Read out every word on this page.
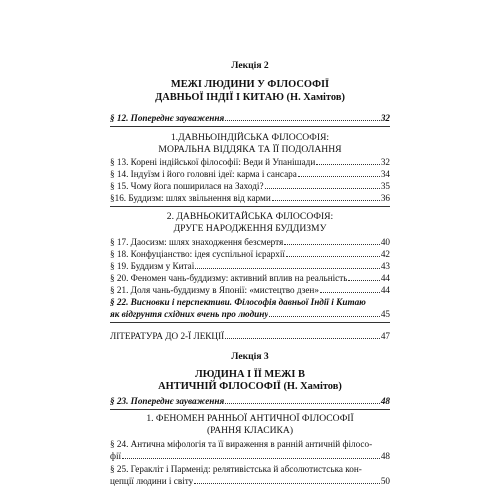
Лекція 2
МЕЖІ ЛЮДИНИ У ФІЛОСОФІЇ
ДАВНЬОЇ ІНДІЇ І КИТАЮ (Н. Хамітов)
§ 12. Попереднє зауваження	32
1.ДАВНЬОІНДІЙСЬКА ФІЛОСОФІЯ:
МОРАЛЬНА ВІДДЯКА ТА ЇЇ ПОДОЛАННЯ
§ 13. Корені індійської філософії: Веди й Упанішади	32
§ 14. Індуїзм і його головні ідеї: карма і сансара	34
§ 15. Чому йога поширилася на Заході?	35
§16. Буддизм: шлях звільнення від карми	36
2. ДАВНЬОКИТАЙСЬКА ФІЛОСОФІЯ:
ДРУГЕ НАРОДЖЕННЯ БУДДИЗМУ
§ 17. Даосизм: шлях знаходження безсмертя	40
§ 18. Конфуціанство: ідея суспільної ієрархії	42
§ 19. Буддизм у Китаї	43
§ 20. Феномен чань-буддизму: активний вплив на реальність	44
§ 21. Доля чань-буддизму в Японії: «мистецтво дзен»	44
§ 22. Висновки і перспективи. Філософія давньої Індії і Китаю
як відгрунтя східних вчень про людину	45
ЛІТЕРАТУРА ДО 2-Ї ЛЕКЦІЇ	47
Лекція 3
ЛЮДИНА І ЇЇ МЕЖІ В
АНТИЧНІЙ ФІЛОСОФІЇ (Н. Хамітов)
§ 23. Попереднє зауваження	48
1. ФЕНОМЕН РАННЬОЇ АНТИЧНОЇ ФІЛОСОФІЇ
(РАННЯ КЛАСИКА)
§ 24. Антична міфологія та її вираження в ранній античній філосо-
фії	48
§ 25. Геракліт і Парменід: релятивістська й абсолютистська кон-
цепції людини і світу	50
